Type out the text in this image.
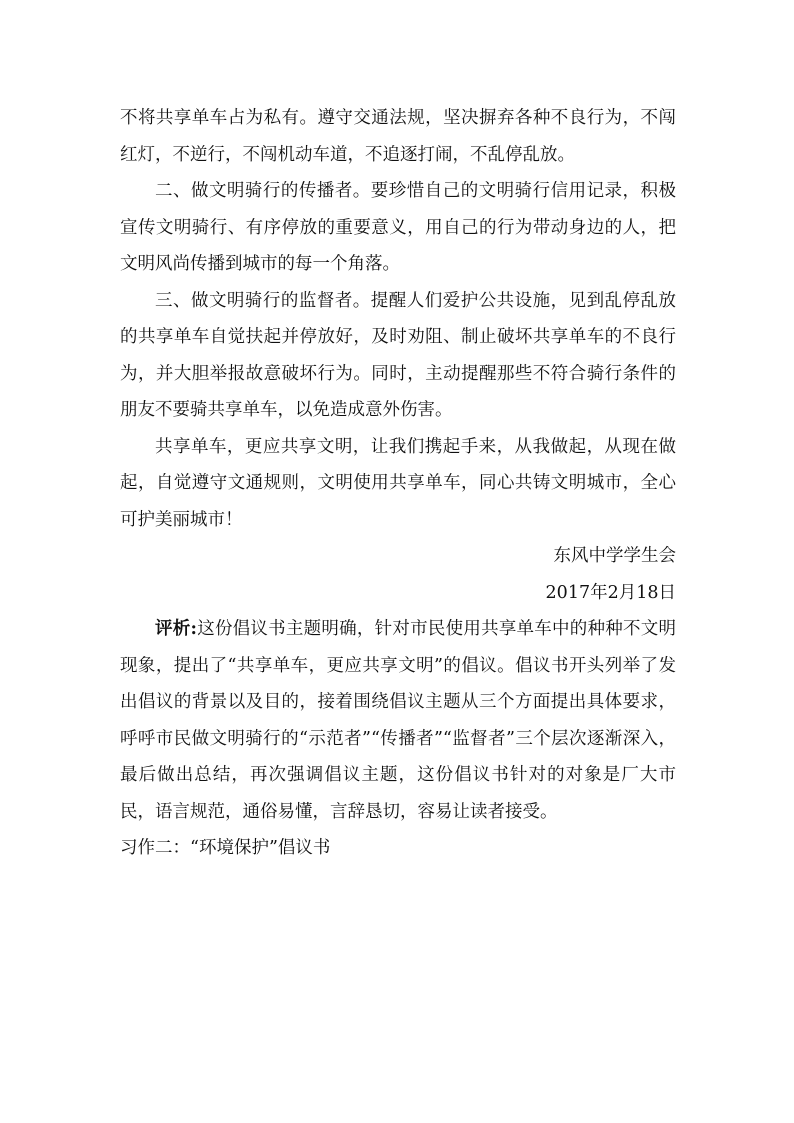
不将共享单车占为私有。遵守交通法规，坚决摒弃各种不良行为，不闯红灯，不逆行，不闯机动车道，不追逐打闹，不乱停乱放。

二、做文明骑行的传播者。要珍惜自己的文明骑行信用记录，积极宣传文明骑行、有序停放的重要意义，用自己的行为带动身边的人，把文明风尚传播到城市的每一个角落。

三、做文明骑行的监督者。提醒人们爱护公共设施，见到乱停乱放的共享单车自觉扶起并停放好，及时劝阻、制止破坏共享单车的不良行为，并大胆举报故意破坏行为。同时，主动提醒那些不符合骑行条件的朋友不要骑共享单车，以免造成意外伤害。

共享单车，更应共享文明，让我们携起手来，从我做起，从现在做起，自觉遵守文通规则，文明使用共享单车，同心共铸文明城市，全心可护美丽城市！

东风中学学生会

2017年2月18日

评析:这份倡议书主题明确，针对市民使用共享单车中的种种不文明现象，提出了“共享单车，更应共享文明”的倡议。倡议书开头列举了发出倡议的背景以及目的，接着围绕倡议主题从三个方面提出具体要求，呼呼市民做文明骑行的“示范者”“传播者”“监督者”三个层次逐渐深入，最后做出总结，再次强调倡议主题，这份倡议书针对的对象是厂大市民，语言规范，通俗易懂，言辞恳切，容易让读者接受。

习作二：“环境保护”倡议书
